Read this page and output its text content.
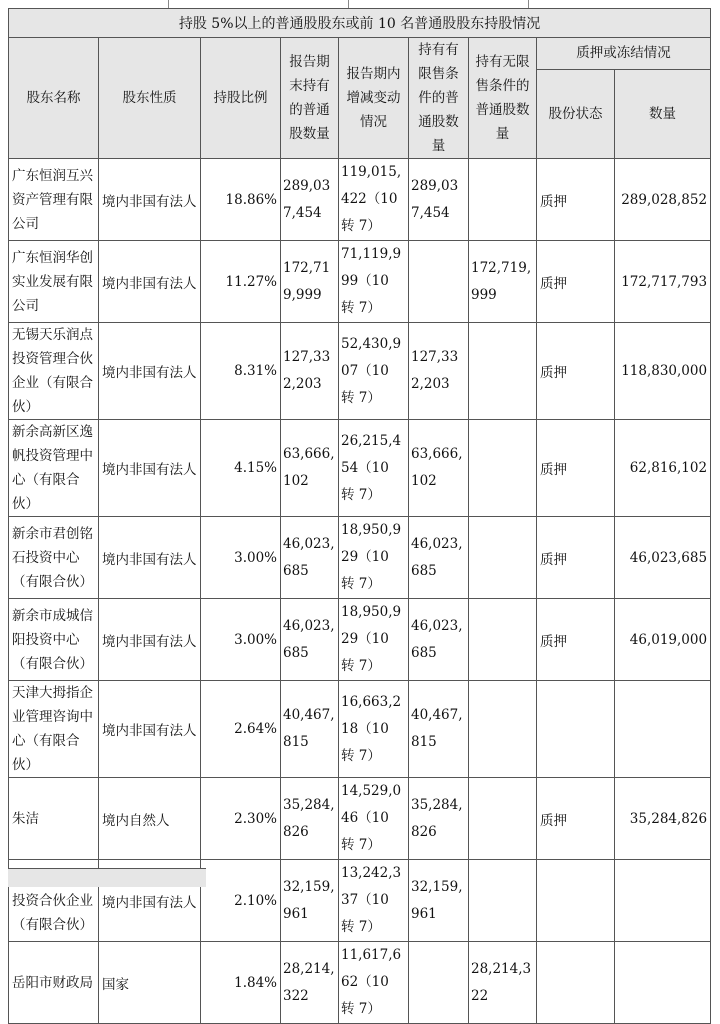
持股 5%以上的普通股股东或前 10 名普通股股东持股情况								
股东名称	股东性质	持股比例	报告期末持有的普通股数量	报告期内增减变动情况	持有有限售条件的普通股数量	持有无限售条件的普通股数量	质押或冻结情况	
							股份状态	数量
广东恒润互兴资产管理有限公司	境内非国有法人	18.86%	289,037,454	119,015,422（10 转 7）	289,037,454		质押	289,028,852
广东恒润华创实业发展有限公司	境内非国有法人	11.27%	172,719,999	71,119,999（10 转 7）		172,719,999	质押	172,717,793
无锡天乐润点投资管理合伙企业（有限合伙）	境内非国有法人	8.31%	127,332,203	52,430,907（10 转 7）	127,332,203		质押	118,830,000
新余高新区逸帆投资管理中心（有限合伙）	境内非国有法人	4.15%	63,666,102	26,215,454（10 转 7）	63,666,102		质押	62,816,102
新余市君创铭石投资中心（有限合伙）	境内非国有法人	3.00%	46,023,685	18,950,929（10 转 7）	46,023,685		质押	46,023,685
新余市成城信阳投资中心（有限合伙）	境内非国有法人	3.00%	46,023,685	18,950,929（10 转 7）	46,023,685		质押	46,019,000
天津大拇指企业管理咨询中心（有限合伙）	境内非国有法人	2.64%	40,467,815	16,663,218（10 转 7）	40,467,815			
朱洁	境内自然人	2.30%	35,284,826	14,529,046（10 转 7）	35,284,826		质押	35,284,826
投资合伙企业（有限合伙）	境内非国有法人	2.10%	32,159,961	13,242,337（10 转 7）	32,159,961			
岳阳市财政局	国家	1.84%	28,214,322	11,617,662（10 转 7）		28,214,322		
